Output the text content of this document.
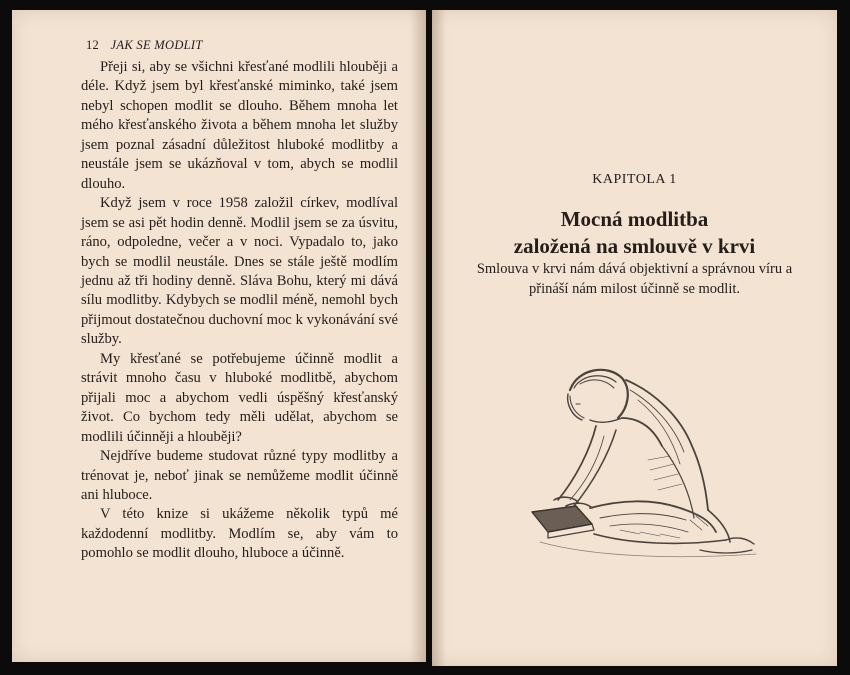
12 JAK SE MODLIT

Přeji si, aby se všichni křesťané modlili hlouběji a déle. Když jsem byl křesťanské miminko, také jsem nebyl schopen modlit se dlouho. Během mnoha let mého křesťanského života a během mnoha let služby jsem poznal zásadní důležitost hluboké modlitby a neustále jsem se ukázňoval v tom, abych se modlil dlouho.

Když jsem v roce 1958 založil církev, modlíval jsem se asi pět hodin denně. Modlil jsem se za úsvitu, ráno, odpoledne, večer a v noci. Vypadalo to, jako bych se modlil neustále. Dnes se stále ještě modlím jednu až tři hodiny denně. Sláva Bohu, který mi dává sílu modlitby. Kdybych se modlil méně, nemohl bych přijmout dostatečnou duchovní moc k vykonávání své služby.

My křesťané se potřebujeme účinně modlit a strávit mnoho času v hluboké modlitbě, abychom přijali moc a abychom vedli úspěšný křesťanský život. Co bychom tedy měli udělat, abychom se modlili účinněji a hlouběji?

Nejdříve budeme studovat různé typy modlitby a trénovat je, neboť jinak se nemůžeme modlit účinně ani hluboce.

V této knize si ukážeme několik typů mé každodenní modlitby. Modlím se, aby vám to pomohlo se modlit dlouho, hluboce a účinně.

KAPITOLA 1
Mocná modlitba
založená na smlouvě v krvi
Smlouva v krvi nám dává objektivní a správnou víru a přináší nám milost účinně se modlit.
